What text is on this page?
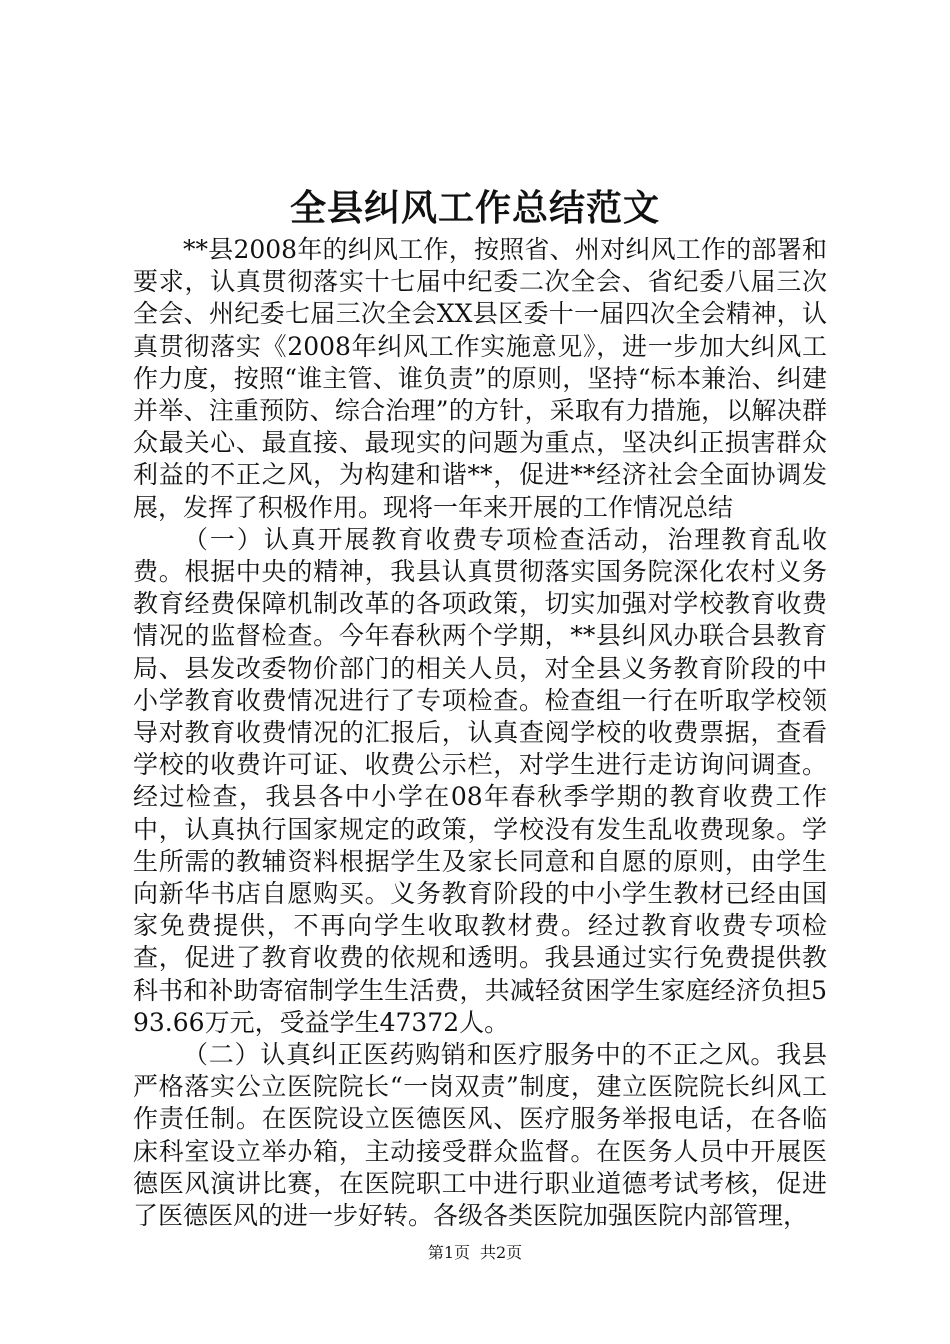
全县纠风工作总结范文

**县2008年的纠风工作，按照省、州对纠风工作的部署和要求，认真贯彻落实十七届中纪委二次全会、省纪委八届三次全会、州纪委七届三次全会XX县区委十一届四次全会精神，认真贯彻落实《2008年纠风工作实施意见》，进一步加大纠风工作力度，按照“谁主管、谁负责”的原则，坚持“标本兼治、纠建并举、注重预防、综合治理”的方针，采取有力措施，以解决群众最关心、最直接、最现实的问题为重点，坚决纠正损害群众利益的不正之风，为构建和谐**，促进**经济社会全面协调发展，发挥了积极作用。现将一年来开展的工作情况总结

（一）认真开展教育收费专项检查活动，治理教育乱收费。根据中央的精神，我县认真贯彻落实国务院深化农村义务教育经费保障机制改革的各项政策，切实加强对学校教育收费情况的监督检查。今年春秋两个学期，**县纠风办联合县教育局、县发改委物价部门的相关人员，对全县义务教育阶段的中小学教育收费情况进行了专项检查。检查组一行在听取学校领导对教育收费情况的汇报后，认真查阅学校的收费票据，查看学校的收费许可证、收费公示栏，对学生进行走访询问调查。经过检查，我县各中小学在08年春秋季学期的教育收费工作中，认真执行国家规定的政策，学校没有发生乱收费现象。学生所需的教辅资料根据学生及家长同意和自愿的原则，由学生向新华书店自愿购买。义务教育阶段的中小学生教材已经由国家免费提供，不再向学生收取教材费。经过教育收费专项检查，促进了教育收费的依规和透明。我县通过实行免费提供教科书和补助寄宿制学生生活费，共减轻贫困学生家庭经济负担593.66万元，受益学生47372人。

（二）认真纠正医药购销和医疗服务中的不正之风。我县严格落实公立医院院长“一岗双责”制度，建立医院院长纠风工作责任制。在医院设立医德医风、医疗服务举报电话，在各临床科室设立举办箱，主动接受群众监督。在医务人员中开展医德医风演讲比赛，在医院职工中进行职业道德考试考核，促进了医德医风的进一步好转。各级各类医院加强医院内部管理，

第1页 共2页
